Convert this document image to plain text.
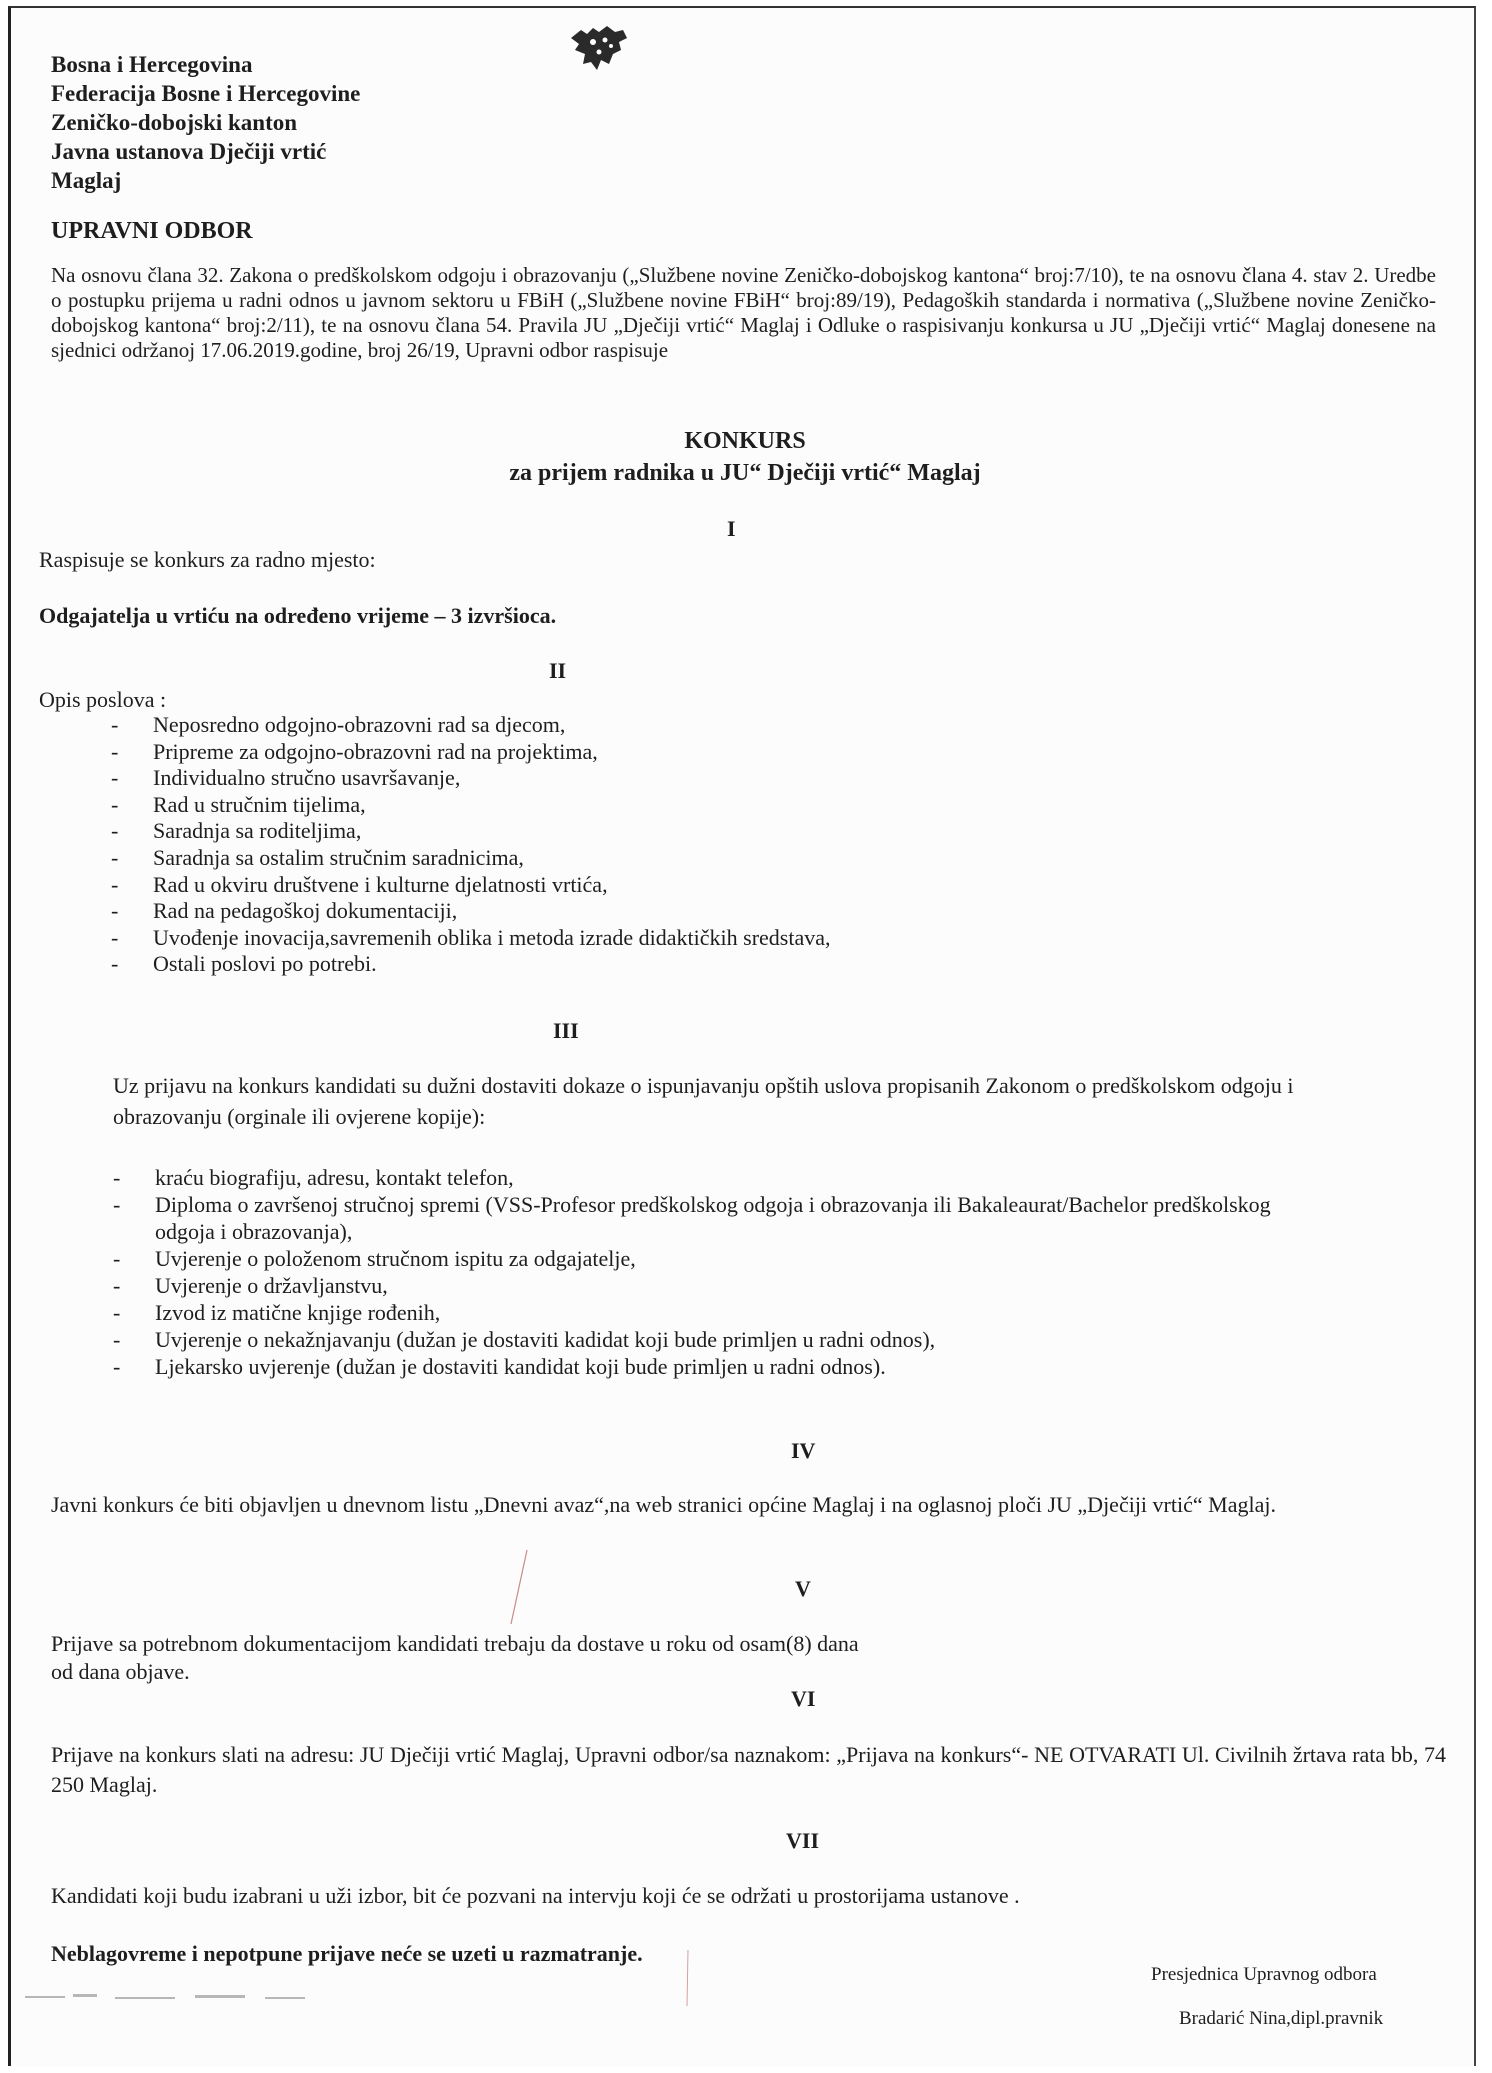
Bosna i Hercegovina
Federacija Bosne i Hercegovine
Zeničko-dobojski kanton
Javna ustanova Dječiji vrtić
Maglaj
UPRAVNI ODBOR
Na osnovu člana 32. Zakona o predškolskom odgoju i obrazovanju („Službene novine Zeničko-dobojskog kantona“ broj:7/10), te na osnovu člana 4. stav 2. Uredbe o postupku prijema u radni odnos u javnom sektoru u FBiH („Službene novine FBiH“ broj:89/19), Pedagoških standarda i normativa („Službene novine Zeničko-dobojskog kantona“ broj:2/11), te na osnovu člana 54. Pravila JU „Dječiji vrtić“ Maglaj i Odluke o raspisivanju konkursa u JU „Dječiji vrtić“ Maglaj donesene na sjednici održanoj 17.06.2019.godine, broj 26/19, Upravni odbor raspisuje
KONKURS
za prijem radnika u JU“ Dječiji vrtić“ Maglaj
I
Raspisuje se konkurs za radno mjesto:
Odgajatelja u vrtiću na određeno vrijeme – 3 izvršioca.
II
Opis poslova :
- Neposredno odgojno-obrazovni rad sa djecom,
- Pripreme za odgojno-obrazovni rad na projektima,
- Individualno stručno usavršavanje,
- Rad u stručnim tijelima,
- Saradnja sa roditeljima,
- Saradnja sa ostalim stručnim saradnicima,
- Rad u okviru društvene i kulturne djelatnosti vrtića,
- Rad na pedagoškoj dokumentaciji,
- Uvođenje inovacija,savremenih oblika i metoda izrade didaktičkih sredstava,
- Ostali poslovi po potrebi.
III
Uz prijavu na konkurs kandidati su dužni dostaviti dokaze o ispunjavanju opštih uslova propisanih Zakonom o predškolskom odgoju i obrazovanju (orginale ili ovjerene kopije):
- kraću biografiju, adresu, kontakt telefon,
- Diploma o završenoj stručnoj spremi (VSS-Profesor predškolskog odgoja i obrazovanja ili Bakaleaurat/Bachelor predškolskog odgoja i obrazovanja),
- Uvjerenje o položenom stručnom ispitu za odgajatelje,
- Uvjerenje o državljanstvu,
- Izvod iz matične knjige rođenih,
- Uvjerenje o nekažnjavanju (dužan je dostaviti kadidat koji bude primljen u radni odnos),
- Ljekarsko uvjerenje (dužan je dostaviti kandidat koji bude primljen u radni odnos).
IV
Javni konkurs će biti objavljen u dnevnom listu „Dnevni avaz“,na web stranici općine Maglaj i na oglasnoj ploči JU „Dječiji vrtić“ Maglaj.
V
Prijave sa potrebnom dokumentacijom kandidati trebaju da dostave u roku od osam(8) dana
od dana objave.
VI
Prijave na konkurs slati na adresu: JU Dječiji vrtić Maglaj, Upravni odbor/sa naznakom: „Prijava na konkurs“- NE OTVARATI Ul. Civilnih žrtava rata bb, 74 250 Maglaj.
VII
Kandidati koji budu izabrani u uži izbor, bit će pozvani na intervju koji će se održati u prostorijama ustanove .
Neblagovreme i nepotpune prijave neće se uzeti u razmatranje.
Presjednica Upravnog odbora
Bradarić Nina,dipl.pravnik
